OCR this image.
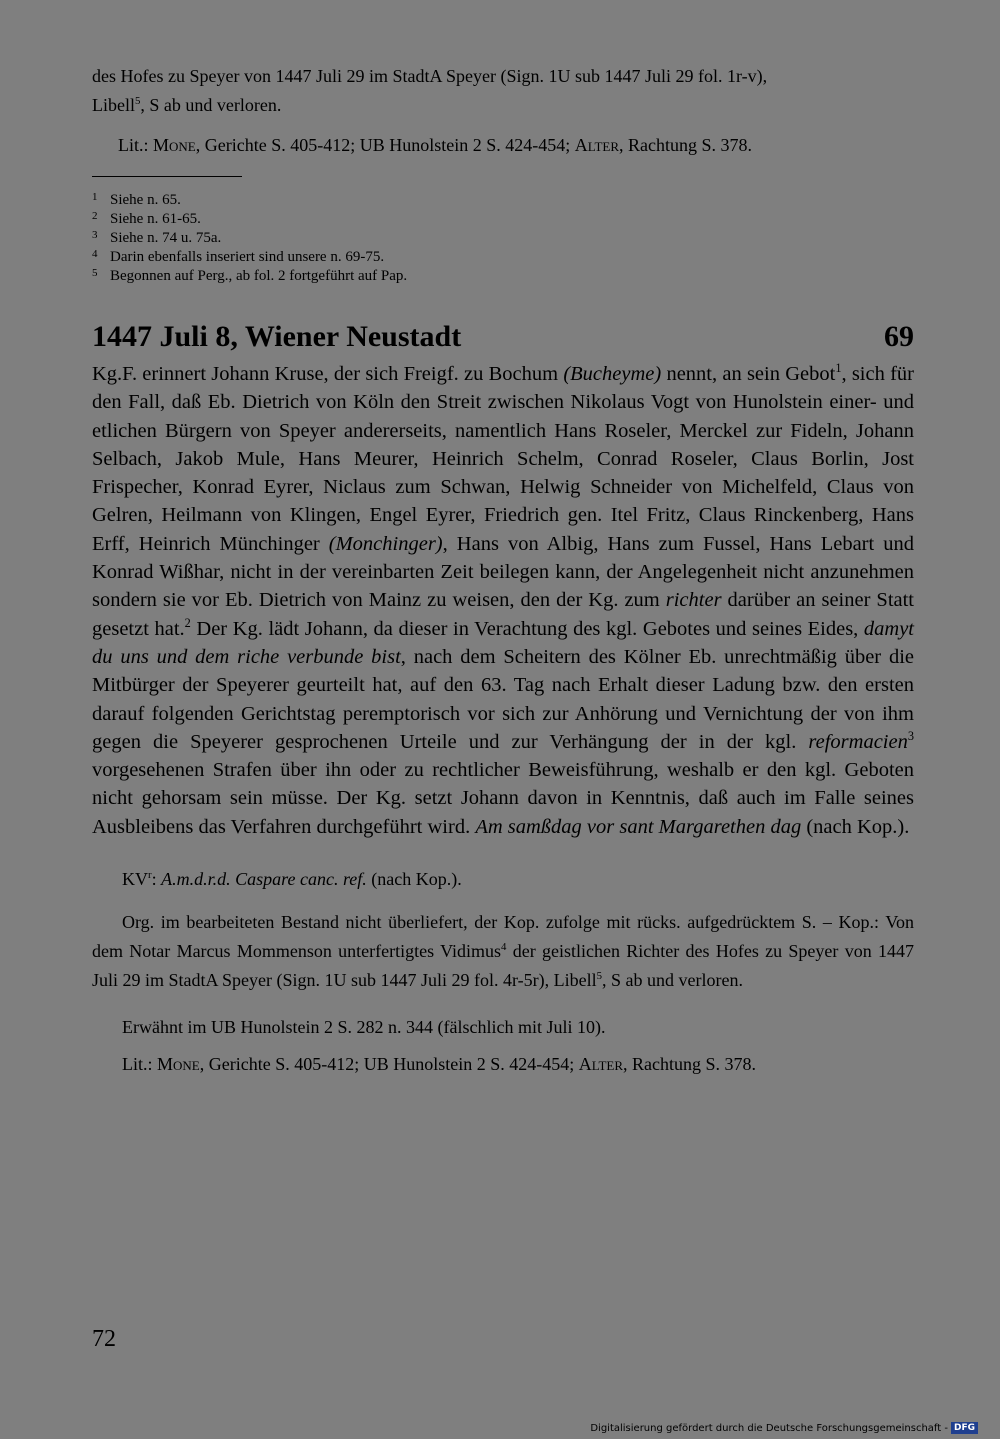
des Hofes zu Speyer von 1447 Juli 29 im StadtA Speyer (Sign. 1U sub 1447 Juli 29 fol. 1r-v),
Libell$^5$, S ab und verloren.

Lit.: Mone, Gerichte S. 405-412; UB Hunolstein 2 S. 424-454; Alter, Rachtung S. 378.

1 Siehe n. 65.
2 Siehe n. 61-65.
3 Siehe n. 74 u. 75a.
4 Darin ebenfalls inseriert sind unsere n. 69-75.
5 Begonnen auf Perg., ab fol. 2 fortgeführt auf Pap.
1447 Juli 8, Wiener Neustadt	69

Kg.F. erinnert Johann Kruse, der sich Freigf. zu Bochum (Bucheyme) nennt, an sein Gebot$^1$, sich für den Fall, daß Eb. Dietrich von Köln den Streit zwischen Nikolaus Vogt von Hunolstein einer- und etlichen Bürgern von Speyer andererseits, namentlich Hans Roseler, Merckel zur Fideln, Johann Selbach, Jakob Mule, Hans Meurer, Heinrich Schelm, Conrad Roseler, Claus Borlin, Jost Frispecher, Konrad Eyrer, Niclaus zum Schwan, Helwig Schneider von Michelfeld, Claus von Gelren, Heilmann von Klingen, Engel Eyrer, Friedrich gen. Itel Fritz, Claus Rinckenberg, Hans Erff, Heinrich Münchinger (Monchinger), Hans von Albig, Hans zum Fussel, Hans Lebart und Konrad Wißhar, nicht in der vereinbarten Zeit beilegen kann, der Angelegenheit nicht anzunehmen sondern sie vor Eb. Dietrich von Mainz zu weisen, den der Kg. zum richter darüber an seiner Statt gesetzt hat.$^2$ Der Kg. lädt Johann, da dieser in Verachtung des kgl. Gebotes und seines Eides, damyt du uns und dem riche verbunde bist, nach dem Scheitern des Kölner Eb. unrechtmäßig über die Mitbürger der Speyerer geurteilt hat, auf den 63. Tag nach Erhalt dieser Ladung bzw. den ersten darauf folgenden Gerichtstag peremptorisch vor sich zur Anhörung und Vernichtung der von ihm gegen die Speyerer gesprochenen Urteile und zur Verhängung der in der kgl. reformacien$^3$ vorgesehenen Strafen über ihn oder zu rechtlicher Beweisführung, weshalb er den kgl. Geboten nicht gehorsam sein müsse. Der Kg. setzt Johann davon in Kenntnis, daß auch im Falle seines Ausbleibens das Verfahren durchgeführt wird. Am samßdag vor sant Margarethen dag (nach Kop.).

$KV^r$: A.m.d.r.d. Caspare canc. ref. (nach Kop.).

Org. im bearbeiteten Bestand nicht überliefert, der Kop. zufolge mit rücks. aufgedrücktem S. – Kop.: Von dem Notar Marcus Mommenson unterfertigtes Vidimus$^4$ der geistlichen Richter des Hofes zu Speyer von 1447 Juli 29 im StadtA Speyer (Sign. 1U sub 1447 Juli 29 fol. 4r-5r), Libell$^5$, S ab und verloren.

Erwähnt im UB Hunolstein 2 S. 282 n. 344 (fälschlich mit Juli 10).

Lit.: Mone, Gerichte S. 405-412; UB Hunolstein 2 S. 424-454; Alter, Rachtung S. 378.

72
Digitalisierung gefördert durch die Deutsche Forschungsgemeinschaft - DFG
